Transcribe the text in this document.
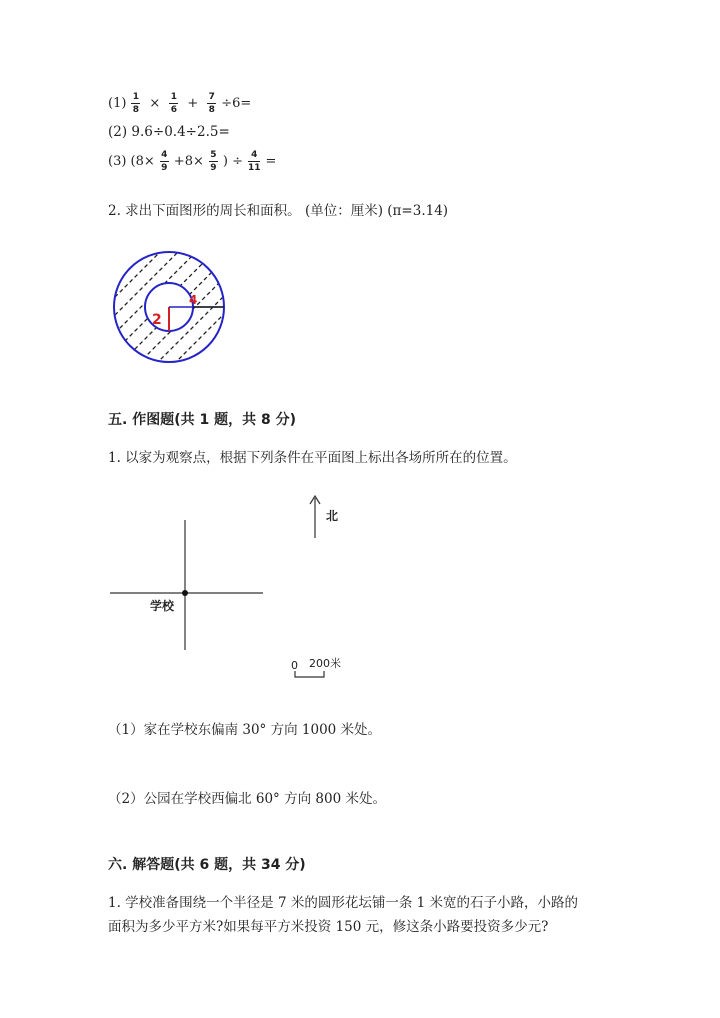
$(1) \frac{1}{8} \times \frac{1}{6} + \frac{7}{8} \div 6=$
(2) 9.6÷0.4÷2.5=
(3) ($8\times \frac{4}{9} +8\times \frac{5}{9}$ ) ÷ $\frac{4}{11}$ =
2. 求出下面图形的周长和面积。 (单位：厘米) (π=3.14)
2
4
五. 作图题(共 1 题，共 8 分)
1. 以家为观察点，根据下列条件在平面图上标出各场所所在的位置。
学校
北
0 200米
（1）家在学校东偏南 30° 方向 1000 米处。
（2）公园在学校西偏北 60° 方向 800 米处。
六. 解答题(共 6 题，共 34 分)
1. 学校准备围绕一个半径是 7 米的圆形花坛铺一条 1 米宽的石子小路，小路的
面积为多少平方米?如果每平方米投资 150 元，修这条小路要投资多少元?
